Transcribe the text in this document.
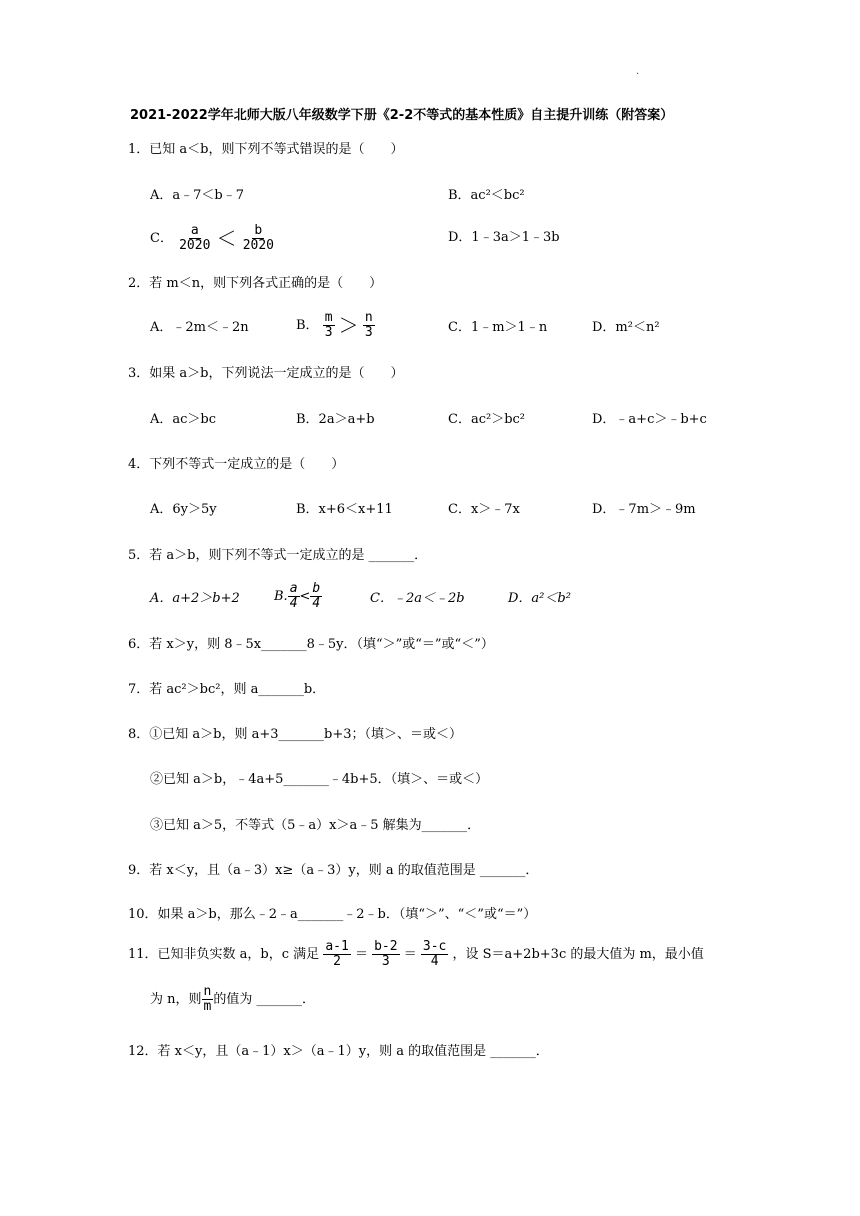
.
2021-2022学年北师大版八年级数学下册《2-2不等式的基本性质》自主提升训练（附答案）
1．已知 a＜b，则下列不等式错误的是（　　）
A．a﹣7＜b﹣7	B．ac²＜bc²
C． $\frac{a}{2020} < \frac{b}{2020}$	D．1﹣3a＞1﹣3b
2．若 m＜n，则下列各式正确的是（　　）
A．﹣2m＜﹣2n	B． $\frac{m}{3} > \frac{n}{3}$	C．1﹣m＞1﹣n	D．m²＜n²
3．如果 a＞b，下列说法一定成立的是（　　）
A．ac＞bc	B．2a＞a+b	C．ac²＞bc²	D．﹣a+c＞﹣b+c
4．下列不等式一定成立的是（　　）
A．6y＞5y	B．x+6＜x+11	C．x＞﹣7x	D．﹣7m＞﹣9m
5．若 a＞b，则下列不等式一定成立的是 _______．
A．a+2＞b+2	B. $\frac{a}{4} < \frac{b}{4}$	C．﹣2a＜﹣2b	D．a²＜b²
6．若 x＞y，则 8﹣5x_______8﹣5y．（填“＞”或“＝”或“＜”）
7．若 ac²＞bc²，则 a_______b．
8．①已知 a＞b，则 a+3_______b+3；（填＞、＝或＜）
②已知 a＞b，﹣4a+5_______﹣4b+5．（填＞、＝或＜）
③已知 a＞5，不等式（5﹣a）x＞a﹣5 解集为_______．
9．若 x＜y，且（a﹣3）x≥（a﹣3）y，则 a 的取值范围是 _______．
10．如果 a＞b，那么﹣2﹣a_______﹣2﹣b．（填“＞”、“＜”或“＝”）
11．已知非负实数 a，b，c 满足 $\frac{a-1}{2} = \frac{b-2}{3} = \frac{3-c}{4}$ ，设 S＝a+2b+3c 的最大值为 m，最小值
为 n，则 $\frac{n}{m}$ 的值为 _______．
12．若 x＜y，且（a﹣1）x＞（a﹣1）y，则 a 的取值范围是 _______．
